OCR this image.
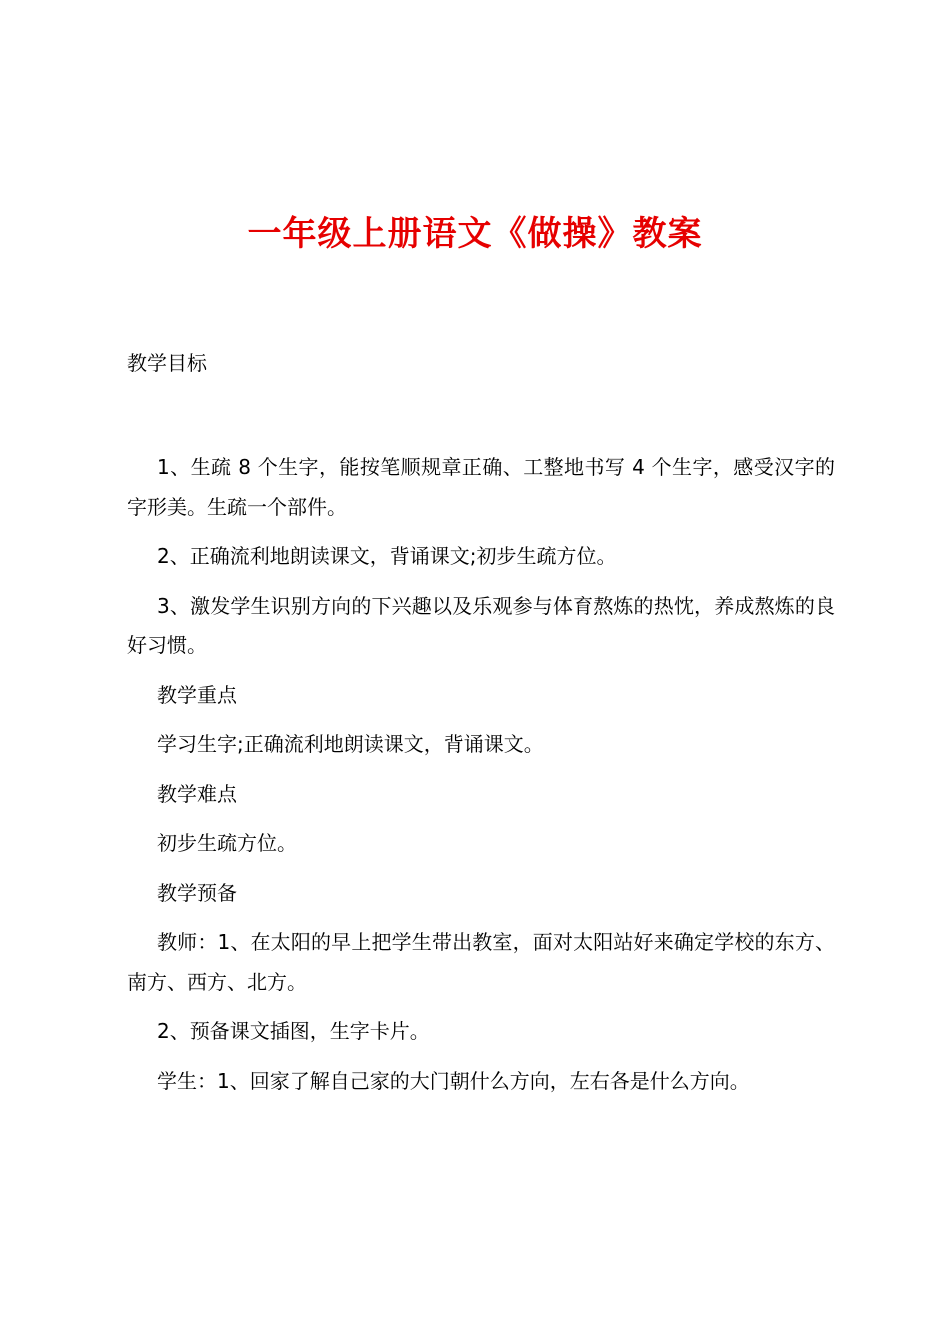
一年级上册语文《做操》教案

教学目标

1、生疏 8 个生字，能按笔顺规章正确、工整地书写 4 个生字，感受汉字的字形美。生疏一个部件。

2、正确流利地朗读课文，背诵课文;初步生疏方位。

3、激发学生识别方向的下兴趣以及乐观参与体育熬炼的热忱，养成熬炼的良好习惯。

教学重点

学习生字;正确流利地朗读课文，背诵课文。

教学难点

初步生疏方位。

教学预备

教师：1、在太阳的早上把学生带出教室，面对太阳站好来确定学校的东方、南方、西方、北方。

2、预备课文插图，生字卡片。

学生：1、回家了解自己家的大门朝什么方向，左右各是什么方向。
